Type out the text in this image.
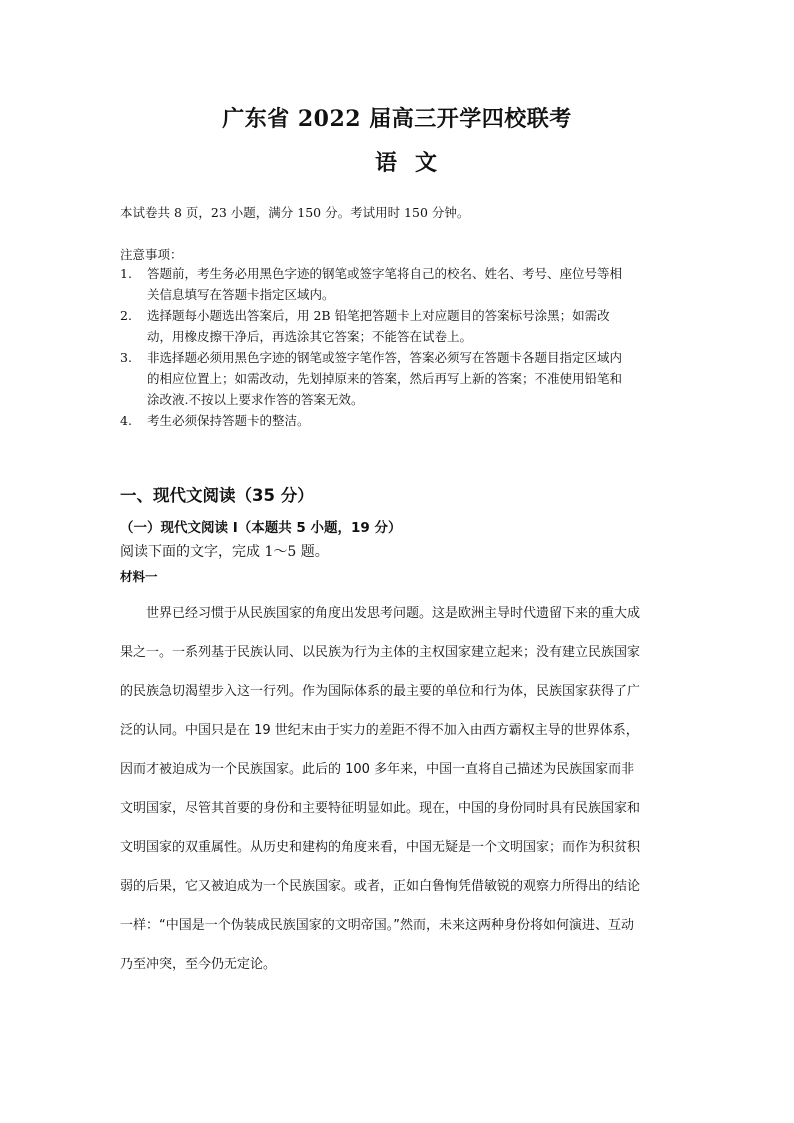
广东省 2022 届高三开学四校联考
语文
本试卷共 8 页，23 小题，满分 150 分。考试用时 150 分钟。
注意事项：
1. 答题前，考生务必用黑色字迹的钢笔或签字笔将自己的校名、姓名、考号、座位号等相
关信息填写在答题卡指定区域内。
2. 选择题每小题选出答案后，用 2B 铅笔把答题卡上对应题目的答案标号涂黑；如需改
动，用橡皮擦干净后，再选涂其它答案；不能答在试卷上。
3. 非选择题必须用黑色字迹的钢笔或签字笔作答，答案必须写在答题卡各题目指定区域内
的相应位置上；如需改动，先划掉原来的答案，然后再写上新的答案；不准使用铅笔和
涂改液.不按以上要求作答的答案无效。
4. 考生必须保持答题卡的整洁。
一、现代文阅读（35 分）
（一）现代文阅读 I（本题共 5 小题，19 分）
阅读下面的文字，完成 1～5 题。
材料一
　　世界已经习惯于从民族国家的角度出发思考问题。这是欧洲主导时代遗留下来的重大成
果之一。一系列基于民族认同、以民族为行为主体的主权国家建立起来；没有建立民族国家
的民族急切渴望步入这一行列。作为国际体系的最主要的单位和行为体，民族国家获得了广
泛的认同。中国只是在 19 世纪末由于实力的差距不得不加入由西方霸权主导的世界体系，
因而才被迫成为一个民族国家。此后的 100 多年来，中国一直将自己描述为民族国家而非
文明国家，尽管其首要的身份和主要特征明显如此。现在，中国的身份同时具有民族国家和
文明国家的双重属性。从历史和建构的角度来看，中国无疑是一个文明国家；而作为积贫积
弱的后果，它又被迫成为一个民族国家。或者，正如白鲁恂凭借敏锐的观察力所得出的结论
一样：“中国是一个伪装成民族国家的文明帝国。”然而，未来这两种身份将如何演进、互动
乃至冲突，至今仍无定论。
